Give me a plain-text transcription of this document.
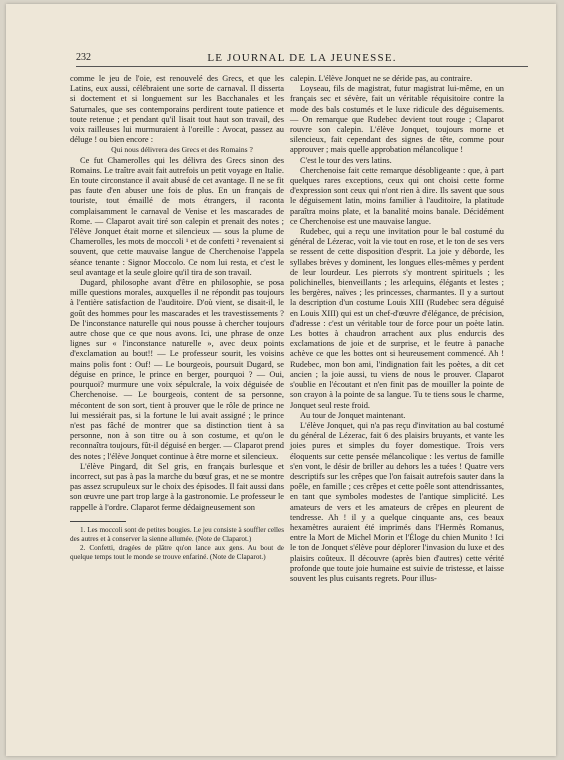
232	LE JOURNAL DE LA JEUNESSE.

comme le jeu de l'oie, est renouvelé des Grecs, et que les Latins, eux aussi, célébraient une sorte de carnaval. Il disserta si doctement et si longuement sur les Bacchanales et les Saturnales, que ses contemporains perdirent toute patience et toute retenue ; et pendant qu'il lisait tout haut son travail, des voix railleuses lui murmuraient à l'oreille : Avocat, passez au déluge ! ou bien encore :

Qui nous délivrera des Grecs et des Romains ?

Ce fut Chamerolles qui les délivra des Grecs sinon des Romains. Le traître avait fait autrefois un petit voyage en Italie. En toute circonstance il avait abusé de cet avantage. Il ne se fit pas faute d'en abuser une fois de plus. En un français de touriste, tout émaillé de mots étrangers, il raconta complaisamment le carnaval de Venise et les mascarades de Rome. — Claparot avait tiré son calepin et prenait des notes ; l'élève Jonquet était morne et silencieux — sous la plume de Chamerolles, les mots de moccoli ¹ et de confetti ² revenaient si souvent, que cette mauvaise langue de Cherchenoise l'appela séance tenante : Signor Moccolo. Ce nom lui resta, et c'est le seul avantage et la seule gloire qu'il tira de son travail.

Dugard, philosophe avant d'être en philosophie, se posa mille questions morales, auxquelles il ne répondit pas toujours à l'entière satisfaction de l'auditoire. D'où vient, se disait-il, le goût des hommes pour les mascarades et les travestissements ? De l'inconstance naturelle qui nous pousse à chercher toujours autre chose que ce que nous avons. Ici, une phrase de onze lignes sur « l'inconstance naturelle », avec deux points d'exclamation au bout!! — Le professeur sourit, les voisins mains polis font : Ouf! — Le bourgeois, poursuit Dugard, se déguise en prince, le prince en berger, pourquoi ? — Oui, pourquoi? murmure une voix sépulcrale, la voix déguisée de Cherchenoise. — Le bourgeois, content de sa personne, mécontent de son sort, tient à prouver que le rôle de prince ne lui messiérait pas, si la fortune le lui avait assigné ; le prince n'est pas fâché de montrer que sa distinction tient à sa personne, non à son titre ou à son costume, et qu'on le reconnaîtra toujours, fût-il déguisé en berger. — Claparot prend des notes ; l'élève Jonquet continue à être morne et silencieux.

L'élève Pingard, dit Sel gris, en français burlesque et incorrect, sut pas à pas la marche du bœuf gras, et ne se montre pas assez scrupuleux sur le choix des épisodes. Il fait aussi dans son œuvre une part trop large à la gastronomie. Le professeur le rappelle à l'ordre. Claparot ferme dédaigneusement son

1. Les moccoli sont de petites bougies. Le jeu consiste à souffler celles des autres et à conserver la sienne allumée. (Note de Claparot.)

2. Confetti, dragées de plâtre qu'on lance aux gens. Au bout de quelque temps tout le monde se trouve enfariné. (Note de Claparot.)

calepin. L'élève Jonquet ne se déride pas, au contraire.

Loyseau, fils de magistrat, futur magistrat lui-même, en un français sec et sévère, fait un véritable réquisitoire contre la mode des bals costumés et le luxe ridicule des déguisements. — On remarque que Rudebec devient tout rouge ; Claparot rouvre son calepin. L'élève Jonquet, toujours morne et silencieux, fait cependant des signes de tête, comme pour approuver ; mais quelle approbation mélancolique !

C'est le tour des vers latins.

Cherchenoise fait cette remarque désobligeante : que, à part quelques rares exceptions, ceux qui ont choisi cette forme d'expression sont ceux qui n'ont rien à dire. Ils savent que sous le déguisement latin, moins familier à l'auditoire, la platitude paraîtra moins plate, et la banalité moins banale. Décidément ce Cherchenoise est une mauvaise langue.

Rudebec, qui a reçu une invitation pour le bal costumé du général de Lézerac, voit la vie tout en rose, et le ton de ses vers se ressent de cette disposition d'esprit. La joie y déborde, les syllabes brèves y dominent, les longues elles-mêmes y perdent de leur lourdeur. Les pierrots s'y montrent spirituels ; les polichinelles, bienveillants ; les arlequins, élégants et lestes ; les bergères, naïves ; les princesses, charmantes. Il y a surtout la description d'un costume Louis XIII (Rudebec sera déguisé en Louis XIII) qui est un chef-d'œuvre d'élégance, de précision, d'adresse : c'est un véritable tour de force pour un poète latin. Les bottes à chaudron arrachent aux plus endurcis des exclamations de joie et de surprise, et le feutre à panache achève ce que les bottes ont si heureusement commencé. Ah ! Rudebec, mon bon ami, l'indignation fait les poètes, a dit cet ancien ; la joie aussi, tu viens de nous le prouver. Claparot s'oublie en l'écoutant et n'en finit pas de mouiller la pointe de son crayon à la pointe de sa langue. Tu te tiens sous le charme, Jonquet seul reste froid.

Au tour de Jonquet maintenant.

L'élève Jonquet, qui n'a pas reçu d'invitation au bal costumé du général de Lézerac, fait 6 des plaisirs bruyants, et vante les joies pures et simples du foyer domestique. Trois vers éloquents sur cette pensée mélancolique : les vertus de famille s'en vont, le désir de briller au dehors les a tuées ! Quatre vers descriptifs sur les crêpes que l'on faisait autrefois sauter dans la poêle, en famille ; ces crêpes et cette poêle sont attendrissantes, en tant que symboles modestes de l'antique simplicité. Les amateurs de vers et les amateurs de crêpes en pleurent de tendresse. Ah ! il y a quelque cinquante ans, ces beaux hexamètres auraient été imprimés dans l'Hermès Romanus, entre la Mort de Michel Morin et l'Éloge du chien Munito ! Ici le ton de Jonquet s'élève pour déplorer l'invasion du luxe et des plaisirs coûteux. Il découvre (après bien d'autres) cette vérité profonde que toute joie humaine est suivie de tristesse, et laisse souvent les plus cuisants regrets. Pour illus-
